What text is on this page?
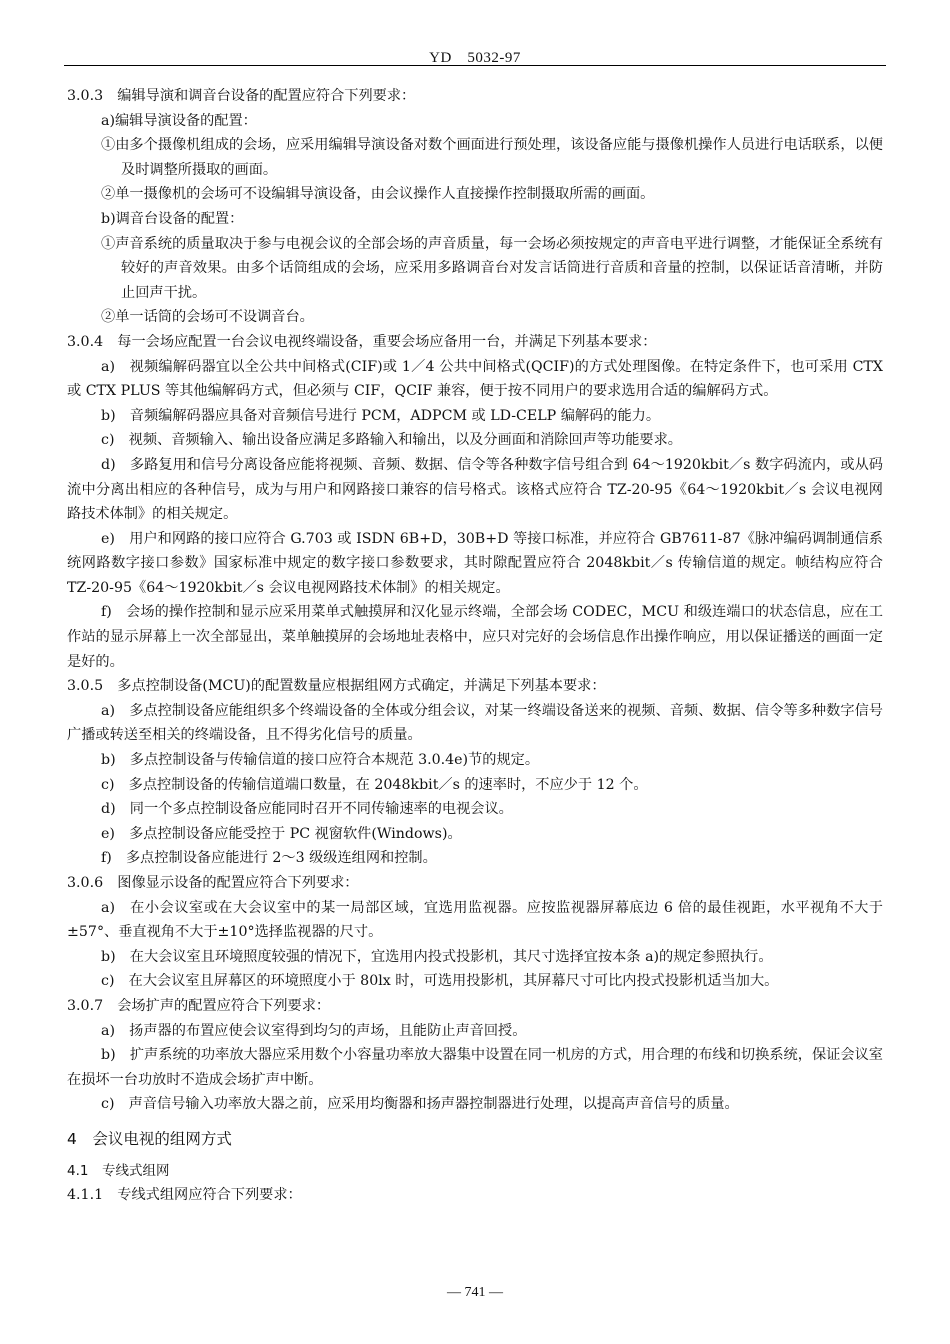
YD　5032-97

3.0.3　编辑导演和调音台设备的配置应符合下列要求：

a)编辑导演设备的配置：

①由多个摄像机组成的会场，应采用编辑导演设备对数个画面进行预处理，该设备应能与摄像机操作人员进行电话联系，以便及时调整所摄取的画面。

②单一摄像机的会场可不设编辑导演设备，由会议操作人直接操作控制摄取所需的画面。

b)调音台设备的配置：

①声音系统的质量取决于参与电视会议的全部会场的声音质量，每一会场必须按规定的声音电平进行调整，才能保证全系统有较好的声音效果。由多个话筒组成的会场，应采用多路调音台对发言话筒进行音质和音量的控制，以保证话音清晰，并防止回声干扰。

②单一话筒的会场可不设调音台。

3.0.4　每一会场应配置一台会议电视终端设备，重要会场应备用一台，并满足下列基本要求：

a)　视频编解码器宜以全公共中间格式(CIF)或 1／4 公共中间格式(QCIF)的方式处理图像。在特定条件下，也可采用 CTX 或 CTX PLUS 等其他编解码方式，但必须与 CIF，QCIF 兼容，便于按不同用户的要求选用合适的编解码方式。

b)　音频编解码器应具备对音频信号进行 PCM，ADPCM 或 LD-CELP 编解码的能力。

c)　视频、音频输入、输出设备应满足多路输入和输出，以及分画面和消除回声等功能要求。

d)　多路复用和信号分离设备应能将视频、音频、数据、信令等各种数字信号组合到 64～1920kbit／s 数字码流内，或从码流中分离出相应的各种信号，成为与用户和网路接口兼容的信号格式。该格式应符合 TZ-20-95《64～1920kbit／s 会议电视网路技术体制》的相关规定。

e)　用户和网路的接口应符合 G.703 或 ISDN 6B+D，30B+D 等接口标准，并应符合 GB7611-87《脉冲编码调制通信系统网路数字接口参数》国家标准中规定的数字接口参数要求，其时隙配置应符合 2048kbit／s 传输信道的规定。帧结构应符合 TZ-20-95《64～1920kbit／s 会议电视网路技术体制》的相关规定。

f)　会场的操作控制和显示应采用菜单式触摸屏和汉化显示终端，全部会场 CODEC，MCU 和级连端口的状态信息，应在工作站的显示屏幕上一次全部显出，菜单触摸屏的会场地址表格中，应只对完好的会场信息作出操作响应，用以保证播送的画面一定是好的。

3.0.5　多点控制设备(MCU)的配置数量应根据组网方式确定，并满足下列基本要求：

a)　多点控制设备应能组织多个终端设备的全体或分组会议，对某一终端设备送来的视频、音频、数据、信令等多种数字信号广播或转送至相关的终端设备，且不得劣化信号的质量。

b)　多点控制设备与传输信道的接口应符合本规范 3.0.4e)节的规定。

c)　多点控制设备的传输信道端口数量，在 2048kbit／s 的速率时，不应少于 12 个。

d)　同一个多点控制设备应能同时召开不同传输速率的电视会议。

e)　多点控制设备应能受控于 PC 视窗软件(Windows)。

f)　多点控制设备应能进行 2～3 级级连组网和控制。

3.0.6　图像显示设备的配置应符合下列要求：

a)　在小会议室或在大会议室中的某一局部区域，宜选用监视器。应按监视器屏幕底边 6 倍的最佳视距，水平视角不大于±57°、垂直视角不大于±10°选择监视器的尺寸。

b)　在大会议室且环境照度较强的情况下，宜选用内投式投影机，其尺寸选择宜按本条 a)的规定参照执行。

c)　在大会议室且屏幕区的环境照度小于 80lx 时，可选用投影机，其屏幕尺寸可比内投式投影机适当加大。

3.0.7　会场扩声的配置应符合下列要求：

a)　扬声器的布置应使会议室得到均匀的声场，且能防止声音回授。

b)　扩声系统的功率放大器应采用数个小容量功率放大器集中设置在同一机房的方式，用合理的布线和切换系统，保证会议室在损坏一台功放时不造成会场扩声中断。

c)　声音信号输入功率放大器之前，应采用均衡器和扬声器控制器进行处理，以提高声音信号的质量。

4　会议电视的组网方式

4.1　专线式组网

4.1.1　专线式组网应符合下列要求：

— 741 —
